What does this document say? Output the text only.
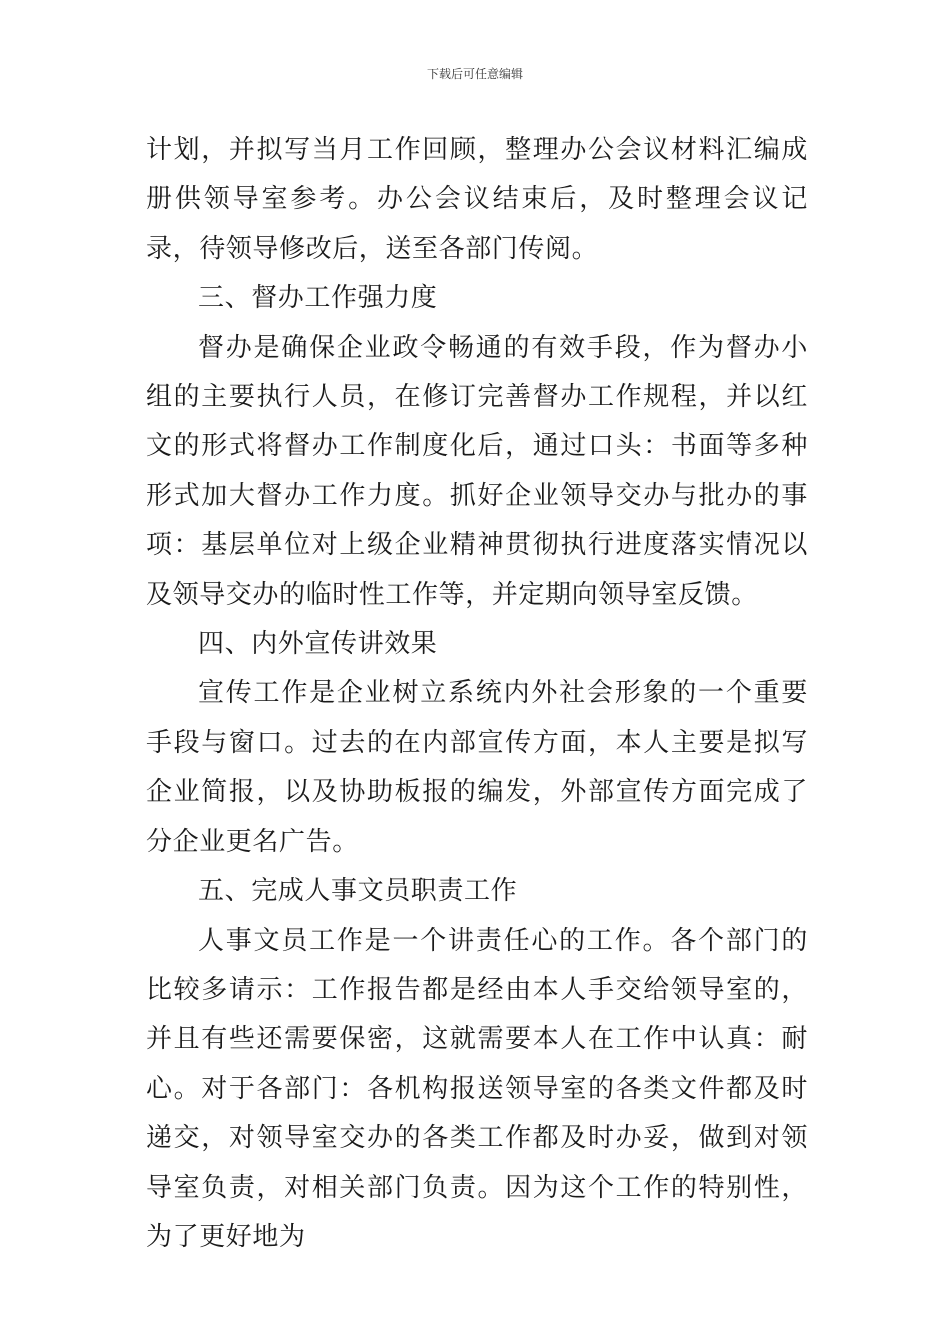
下载后可任意编辑

计划，并拟写当月工作回顾，整理办公会议材料汇编成册供领导室参考。办公会议结束后，及时整理会议记录，待领导修改后，送至各部门传阅。

三、督办工作强力度

督办是确保企业政令畅通的有效手段，作为督办小组的主要执行人员，在修订完善督办工作规程，并以红文的形式将督办工作制度化后，通过口头：书面等多种形式加大督办工作力度。抓好企业领导交办与批办的事项：基层单位对上级企业精神贯彻执行进度落实情况以及领导交办的临时性工作等，并定期向领导室反馈。

四、内外宣传讲效果

宣传工作是企业树立系统内外社会形象的一个重要手段与窗口。过去的在内部宣传方面，本人主要是拟写企业简报，以及协助板报的编发，外部宣传方面完成了分企业更名广告。

五、完成人事文员职责工作

人事文员工作是一个讲责任心的工作。各个部门的比较多请示：工作报告都是经由本人手交给领导室的，并且有些还需要保密，这就需要本人在工作中认真：耐心。对于各部门：各机构报送领导室的各类文件都及时递交，对领导室交办的各类工作都及时办妥，做到对领导室负责，对相关部门负责。因为这个工作的特别性，为了更好地为
